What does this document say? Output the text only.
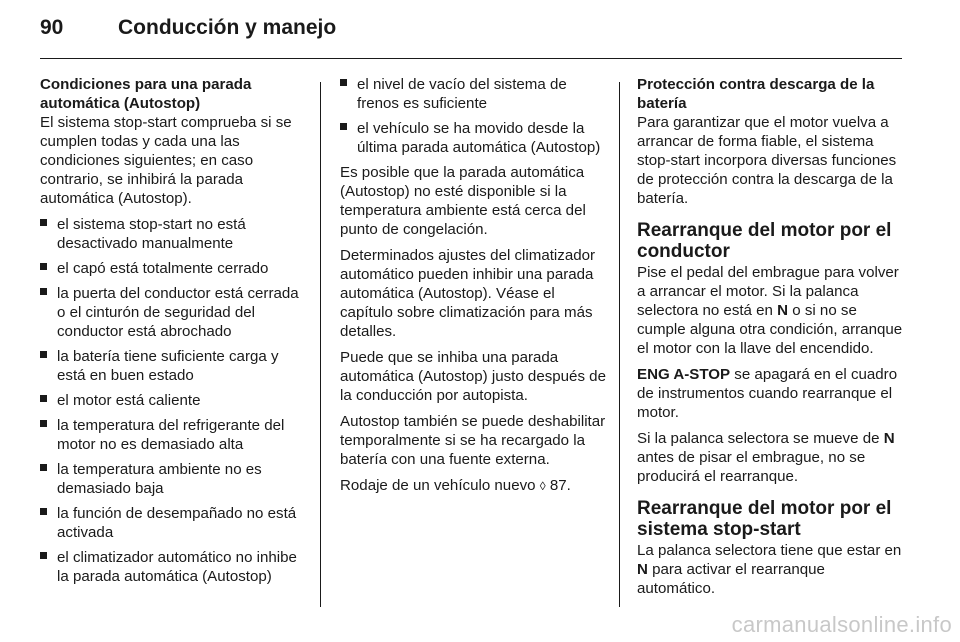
90	Conducción y manejo

Condiciones para una parada automática (Autostop)

El sistema stop-start comprueba si se cumplen todas y cada una las condiciones siguientes; en caso contrario, se inhibirá la parada automática (Autostop).

el sistema stop-start no está desactivado manualmente
el capó está totalmente cerrado
la puerta del conductor está cerrada o el cinturón de seguridad del conductor está abrochado
la batería tiene suficiente carga y está en buen estado
el motor está caliente
la temperatura del refrigerante del motor no es demasiado alta
la temperatura ambiente no es demasiado baja
la función de desempañado no está activada
el climatizador automático no inhibe la parada automática (Autostop)
el nivel de vacío del sistema de frenos es suficiente
el vehículo se ha movido desde la última parada automática (Autostop)

Es posible que la parada automática (Autostop) no esté disponible si la temperatura ambiente está cerca del punto de congelación.

Determinados ajustes del climatizador automático pueden inhibir una parada automática (Autostop). Véase el capítulo sobre climatización para más detalles.

Puede que se inhiba una parada automática (Autostop) justo después de la conducción por autopista.

Autostop también se puede deshabilitar temporalmente si se ha recargado la batería con una fuente externa.

Rodaje de un vehículo nuevo ◊ 87.

Protección contra descarga de la batería

Para garantizar que el motor vuelva a arrancar de forma fiable, el sistema stop-start incorpora diversas funciones de protección contra la descarga de la batería.

Rearranque del motor por el conductor

Pise el pedal del embrague para volver a arrancar el motor. Si la palanca selectora no está en N o si no se cumple alguna otra condición, arranque el motor con la llave del encendido.

ENG A-STOP se apagará en el cuadro de instrumentos cuando rearranque el motor.

Si la palanca selectora se mueve de N antes de pisar el embrague, no se producirá el rearranque.

Rearranque del motor por el sistema stop-start

La palanca selectora tiene que estar en N para activar el rearranque automático.

carmanualsonline.info
